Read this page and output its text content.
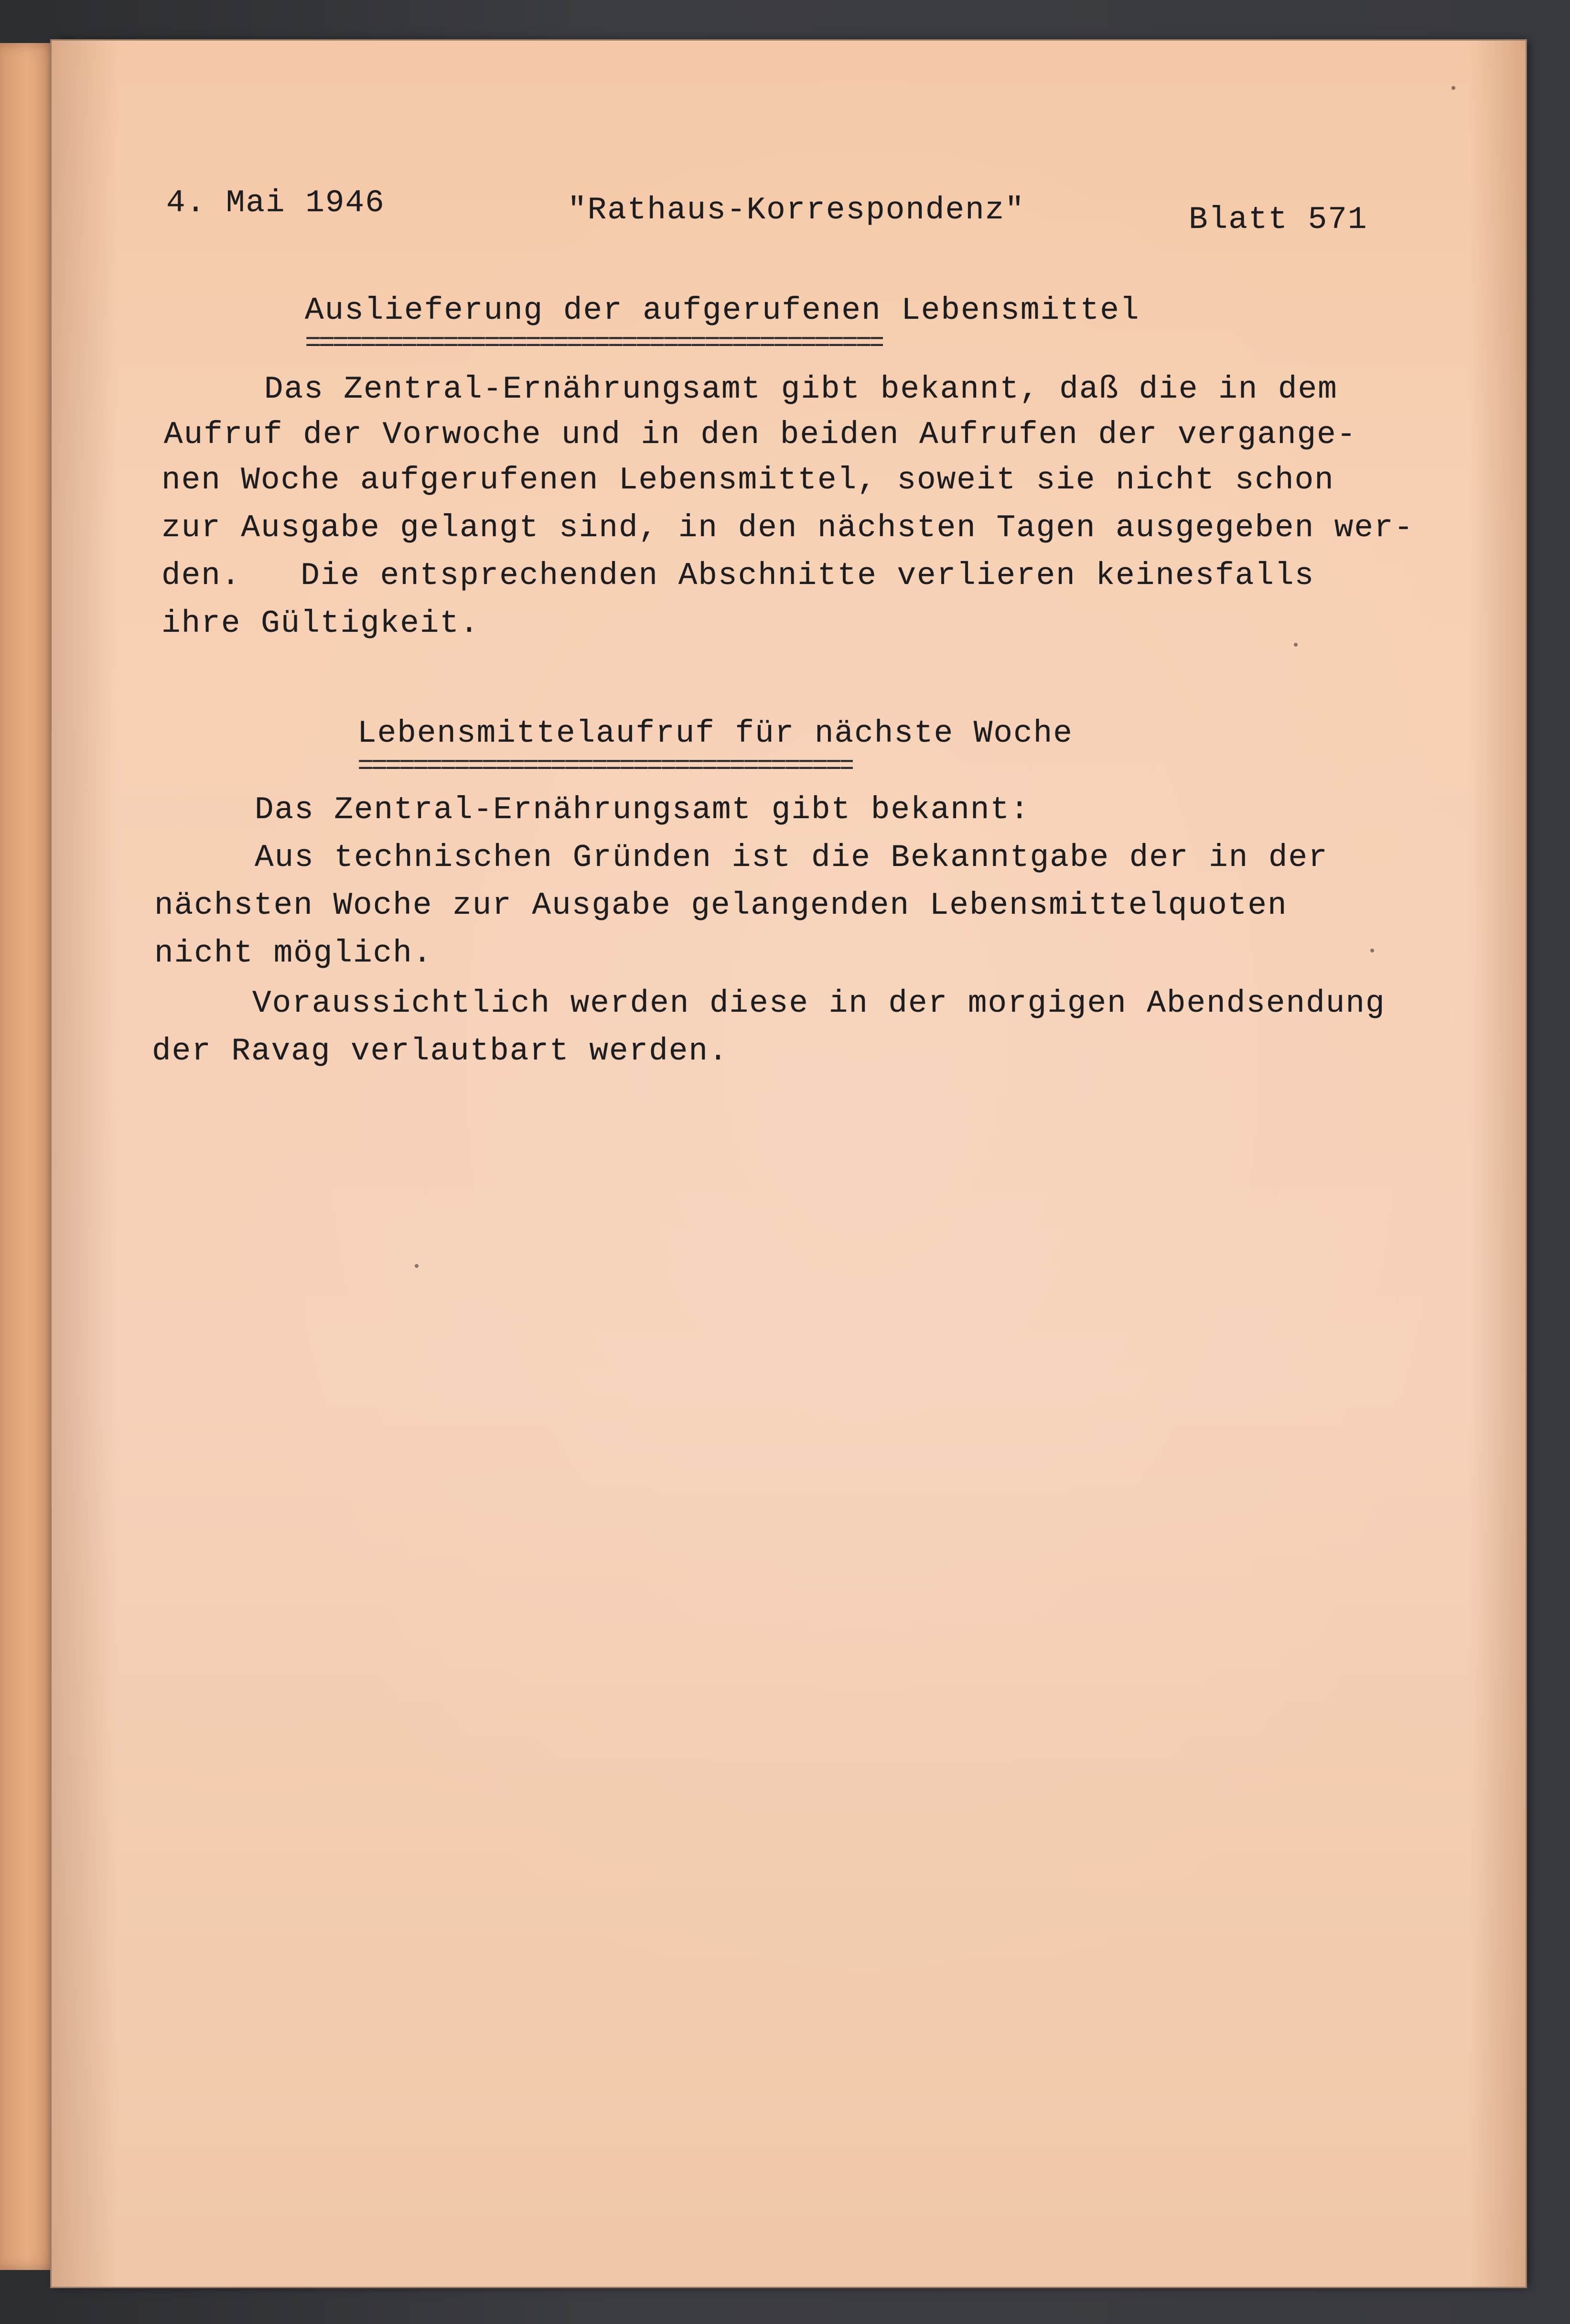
4. Mai 1946	"Rathaus-Korrespondenz"	Blatt 571

Auslieferung der aufgerufenen Lebensmittel

==========================================

Das Zentral-Ernährungsamt gibt bekannt, daß die in dem

Aufruf der Vorwoche und in den beiden Aufrufen der vergange-

nen Woche aufgerufenen Lebensmittel, soweit sie nicht schon

zur Ausgabe gelangt sind, in den nächsten Tagen ausgegeben wer-

den.   Die entsprechenden Abschnitte verlieren keinesfalls

ihre Gültigkeit.

Lebensmittelaufruf für nächste Woche

====================================

Das Zentral-Ernährungsamt gibt bekannt:

Aus technischen Gründen ist die Bekanntgabe der in der

nächsten Woche zur Ausgabe gelangenden Lebensmittelquoten

nicht möglich.

Voraussichtlich werden diese in der morgigen Abendsendung

der Ravag verlautbart werden.
